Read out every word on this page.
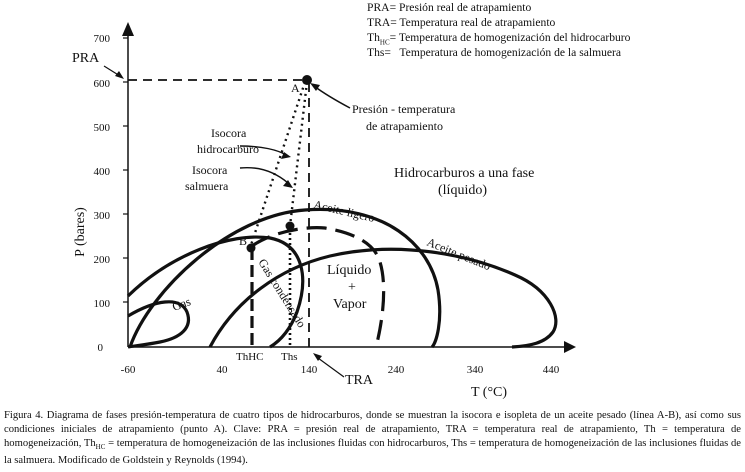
0
100
200
300
400
500
600
700
-60	40	140	240	340	440
P (bares)
T (°C)
PRA
TRA
A
B
Presión - temperatura
de atrapamiento
Isocora
hidrocarburo
Isocora
salmuera
Hidrocarburos a una fase
(líquido)
Líquido
+
Vapor
Gas	Gas condensado
Aceite ligero
Aceite pesado
ThHC Ths
PRA= Presión real de atrapamiento
TRA= Temperatura real de atrapamiento
$Th_{HC}=$ Temperatura de homogenización del hidrocarburo
Ths=   Temperatura de homogenización de la salmuera
Figura 4. Diagrama de fases presión-temperatura de cuatro tipos de hidrocarburos, donde se muestran la isocora e isopleta de un aceite pesado (línea A-B), así como sus condiciones iniciales de atrapamiento (punto A). Clave: PRA = presión real de atrapamiento, TRA = temperatura real de atrapamiento, Th = temperatura de homogeneización, $Th_{HC}$ = temperatura de homogeneización de las inclusiones fluidas con hidrocarburos, Ths = temperatura de homogeneización de las inclusiones fluidas de la salmuera. Modificado de Goldstein y Reynolds (1994).
